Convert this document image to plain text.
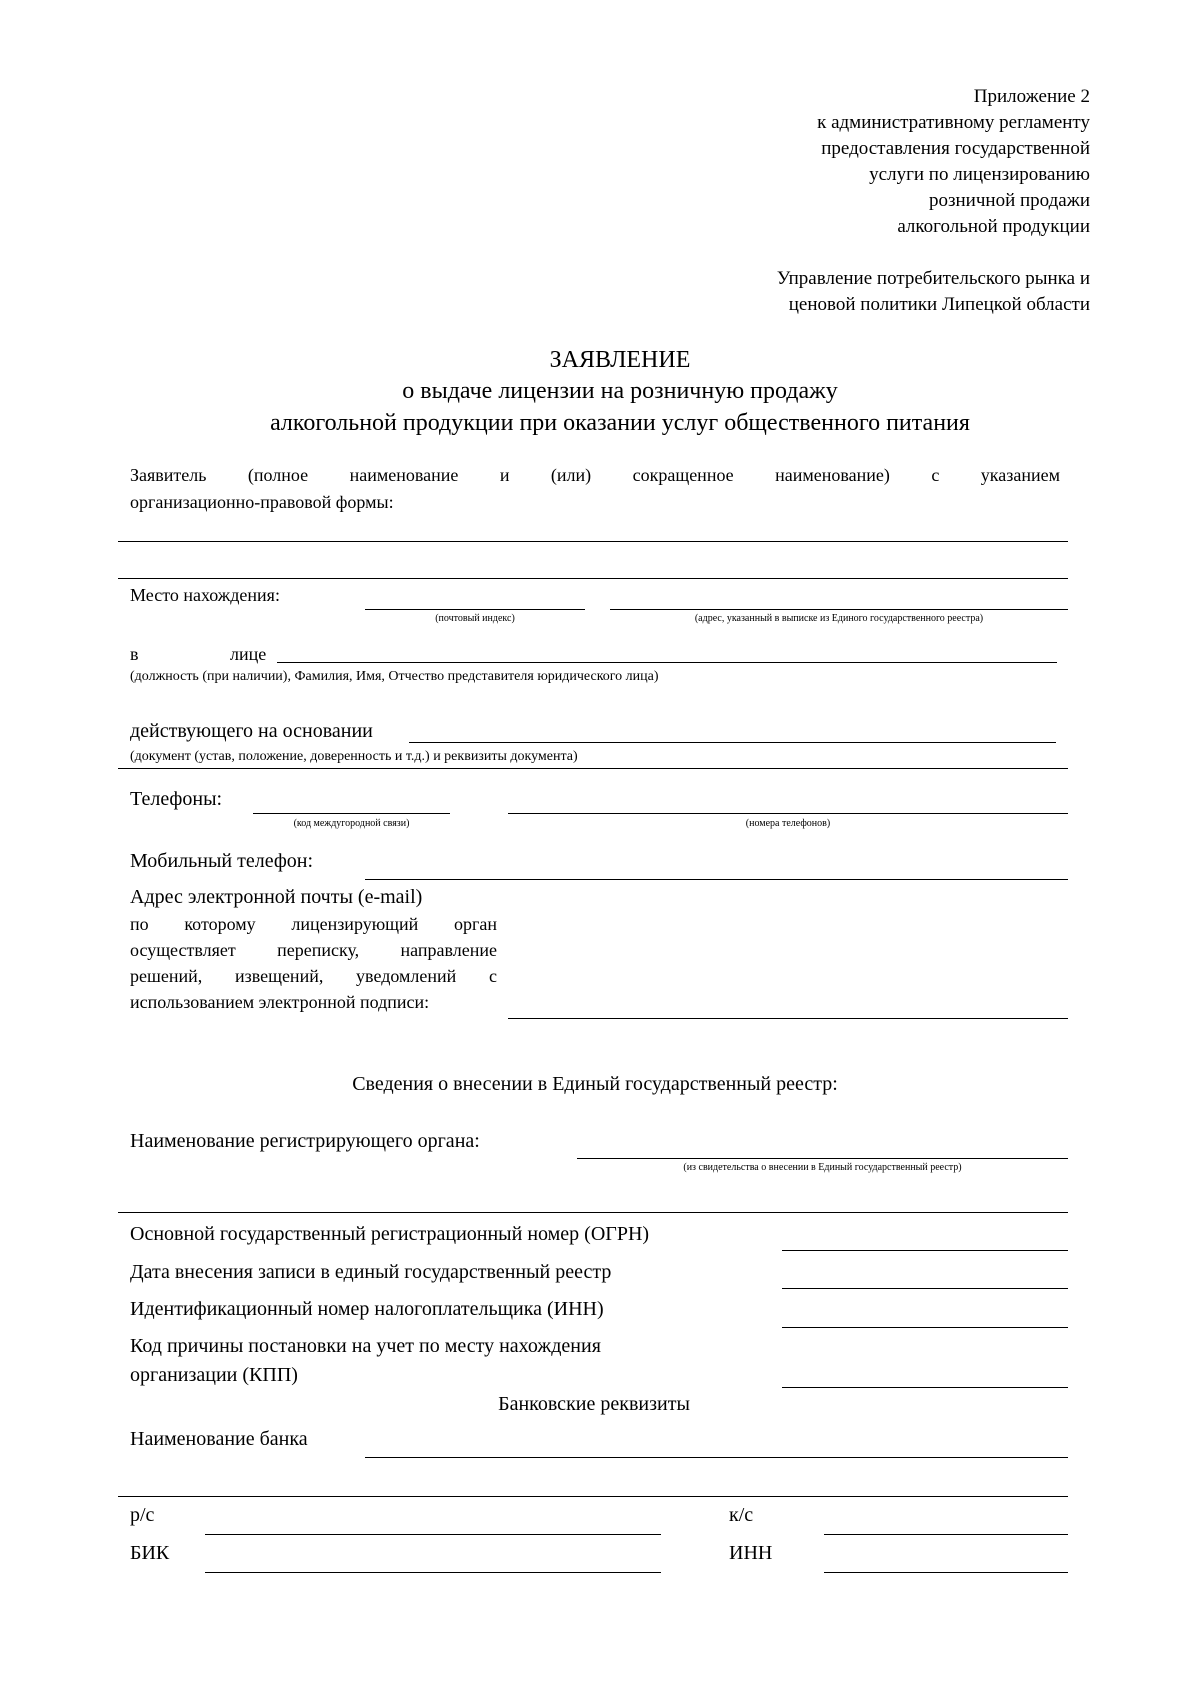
Приложение 2
к административному регламенту
предоставления государственной
услуги по лицензированию
розничной продажи
алкогольной продукции
Управление потребительского рынка и
ценовой политики Липецкой области
ЗАЯВЛЕНИЕ
о выдаче лицензии на розничную продажу
алкогольной продукции при оказании услуг общественного питания
Заявитель (полное наименование и (или) сокращенное наименование) с указанием
организационно-правовой формы:
Место нахождения:
(почтовый индекс)	(адрес, указанный в выписке из Единого государственного реестра)
в	лице
(должность (при наличии), Фамилия, Имя, Отчество представителя юридического лица)
действующего на основании
(документ (устав, положение, доверенность и т.д.) и реквизиты документа)
Телефоны:
(код междугородной связи)	(номера телефонов)
Мобильный телефон:
Адрес электронной почты (e-mail)
по которому лицензирующий орган
осуществляет переписку, направление
решений, извещений, уведомлений с
использованием электронной подписи:
Сведения о внесении в Единый государственный реестр:
Наименование регистрирующего органа:
(из свидетельства о внесении в Единый государственный реестр)
Основной государственный регистрационный номер (ОГРН)
Дата внесения записи в единый государственный реестр
Идентификационный номер налогоплательщика (ИНН)
Код причины постановки на учет по месту нахождения
организации (КПП)
Банковские реквизиты
Наименование банка
р/с	к/с
БИК	ИНН
